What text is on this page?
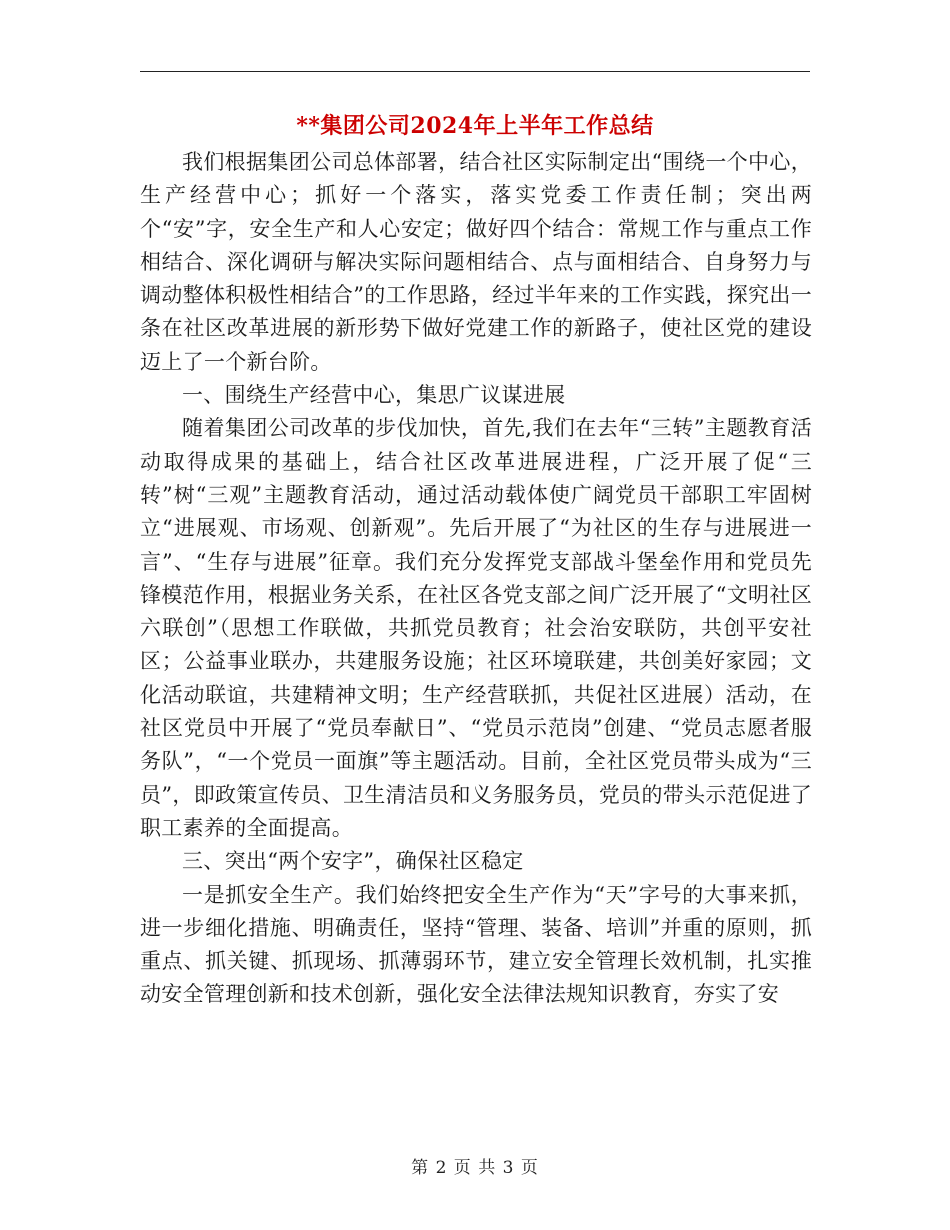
**集团公司2024年上半年工作总结

我们根据集团公司总体部署，结合社区实际制定出“围绕一个中心，生产经营中心；抓好一个落实，落实党委工作责任制；突出两个“安”字，安全生产和人心安定；做好四个结合：常规工作与重点工作相结合、深化调研与解决实际问题相结合、点与面相结合、自身努力与调动整体积极性相结合”的工作思路，经过半年来的工作实践，探究出一条在社区改革进展的新形势下做好党建工作的新路子，使社区党的建设迈上了一个新台阶。

一、围绕生产经营中心，集思广议谋进展

随着集团公司改革的步伐加快，首先,我们在去年“三转”主题教育活动取得成果的基础上，结合社区改革进展进程，广泛开展了促“三转”树“三观”主题教育活动，通过活动载体使广阔党员干部职工牢固树立“进展观、市场观、创新观”。先后开展了“为社区的生存与进展进一言”、“生存与进展”征章。我们充分发挥党支部战斗堡垒作用和党员先锋模范作用，根据业务关系，在社区各党支部之间广泛开展了“文明社区六联创”（思想工作联做，共抓党员教育；社会治安联防，共创平安社区；公益事业联办，共建服务设施；社区环境联建，共创美好家园；文化活动联谊，共建精神文明；生产经营联抓，共促社区进展）活动，在社区党员中开展了“党员奉献日”、“党员示范岗”创建、“党员志愿者服务队”，“一个党员一面旗”等主题活动。目前，全社区党员带头成为“三员”，即政策宣传员、卫生清洁员和义务服务员，党员的带头示范促进了职工素养的全面提高。

三、突出“两个安字”，确保社区稳定

一是抓安全生产。我们始终把安全生产作为“天”字号的大事来抓，进一步细化措施、明确责任，坚持“管理、装备、培训”并重的原则，抓重点、抓关键、抓现场、抓薄弱环节，建立安全管理长效机制，扎实推动安全管理创新和技术创新，强化安全法律法规知识教育，夯实了安

第 2 页 共 3 页
